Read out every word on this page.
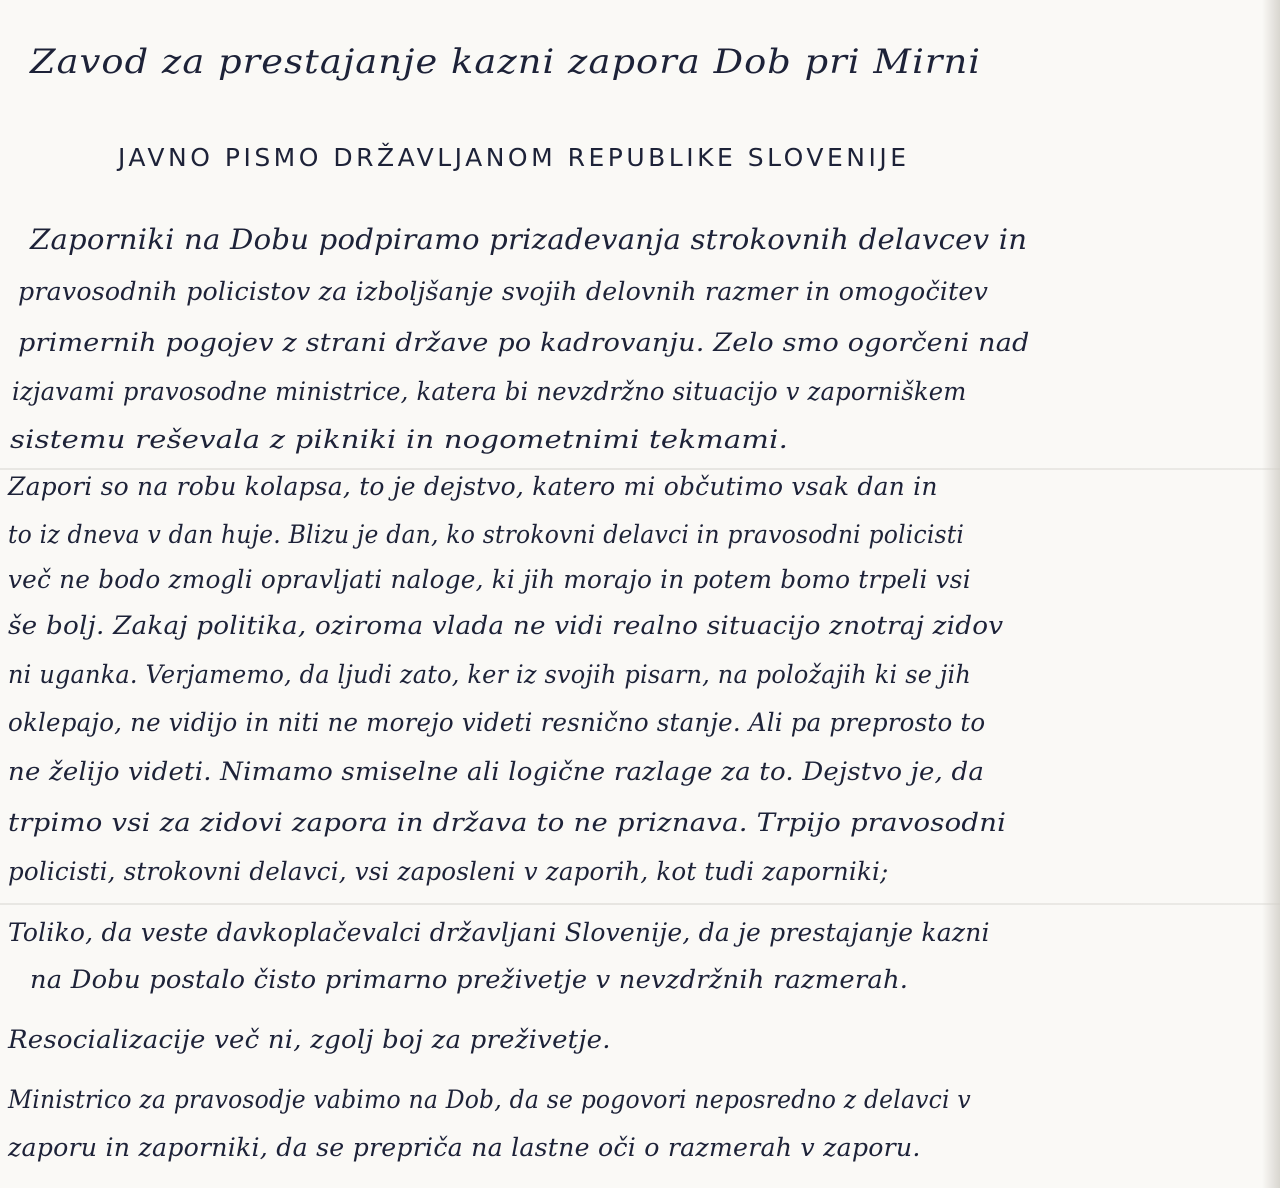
Zavod za prestajanje kazni zapora Dob pri Mirni
JAVNO PISMO DRŽAVLJANOM REPUBLIKE SLOVENIJE
Zaporniki na Dobu podpiramo prizadevanja strokovnih delavcev in
pravosodnih policistov za izboljšanje svojih delovnih razmer in omogočitev
primernih pogojev z strani države po kadrovanju. Zelo smo ogorčeni nad
izjavami pravosodne ministrice, katera bi nevzdržno situacijo v zaporniškem
sistemu reševala z pikniki in nogometnimi tekmami.
Zapori so na robu kolapsa, to je dejstvo, katero mi občutimo vsak dan in
to iz dneva v dan huje. Blizu je dan, ko strokovni delavci in pravosodni policisti
več ne bodo zmogli opravljati naloge, ki jih morajo in potem bomo trpeli vsi
še bolj. Zakaj politika, oziroma vlada ne vidi realno situacijo znotraj zidov
ni uganka. Verjamemo, da ljudi zato, ker iz svojih pisarn, na položajih ki se jih
oklepajo, ne vidijo in niti ne morejo videti resnično stanje. Ali pa preprosto to
ne želijo videti. Nimamo smiselne ali logične razlage za to. Dejstvo je, da
trpimo vsi za zidovi zapora in država to ne priznava. Trpijo pravosodni
policisti, strokovni delavci, vsi zaposleni v zaporih, kot tudi zaporniki;
Toliko, da veste davkoplačevalci državljani Slovenije, da je prestajanje kazni
na Dobu postalo čisto primarno preživetje v nevzdržnih razmerah.
Resocializacije več ni, zgolj boj za preživetje.
Ministrico za pravosodje vabimo na Dob, da se pogovori neposredno z delavci v
zaporu in zaporniki, da se prepriča na lastne oči o razmerah v zaporu.
